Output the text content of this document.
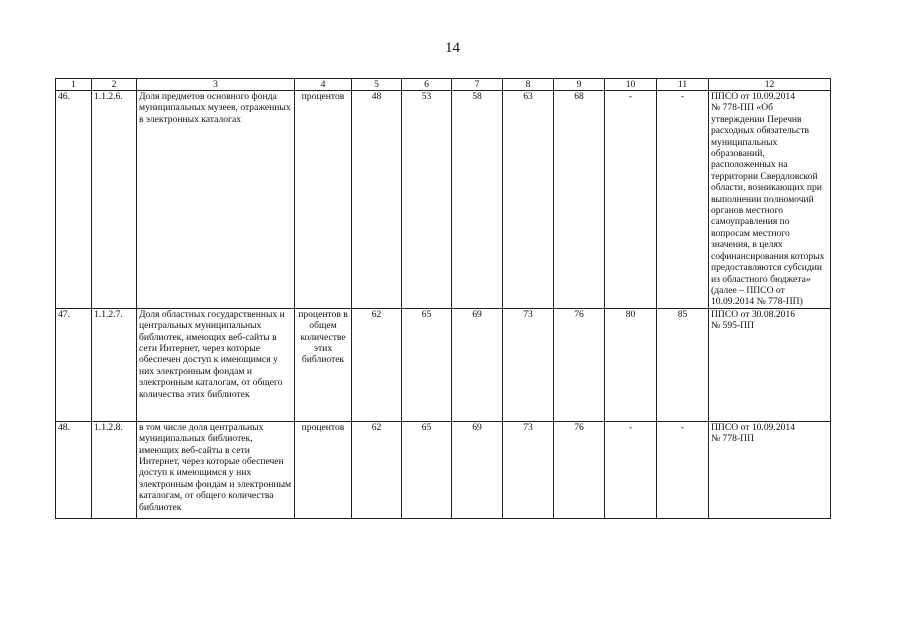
14
1	2	3	4	5	6	7	8	9	10	11	12
46.	1.1.2.6.	Доля предметов основного фонда муниципальных музеев, отраженных в электронных каталогах	процентов	48	53	58	63	68	-	-	ППСО от 10.09.2014
№ 778-ПП «Об утверждении Перечня расходных обязательств муниципальных образований, расположенных на территории Свердловской области, возникающих при выполнении полномочий органов местного самоуправления по вопросам местного значения, в целях софинансирования которых предоставляются субсидии из областного бюджета»
(далее – ППСО от 10.09.2014 № 778-ПП)
47.	1.1.2.7.	Доля областных государственных и центральных муниципальных библиотек, имеющих веб-сайты в сети Интернет, через которые обеспечен доступ к имеющимся у них электронным фондам и электронным каталогам, от общего количества этих библиотек	процентов в общем количестве этих библиотек	62	65	69	73	76	80	85	ППСО от 30.08.2016
№ 595-ПП
48.	1.1.2.8.	в том числе доля центральных муниципальных библиотек, имеющих веб-сайты в сети Интернет, через которые обеспечен доступ к имеющимся у них электронным фондам и электронным каталогам, от общего количества библиотек	процентов	62	65	69	73	76	-	-	ППСО от 10.09.2014
№ 778-ПП
